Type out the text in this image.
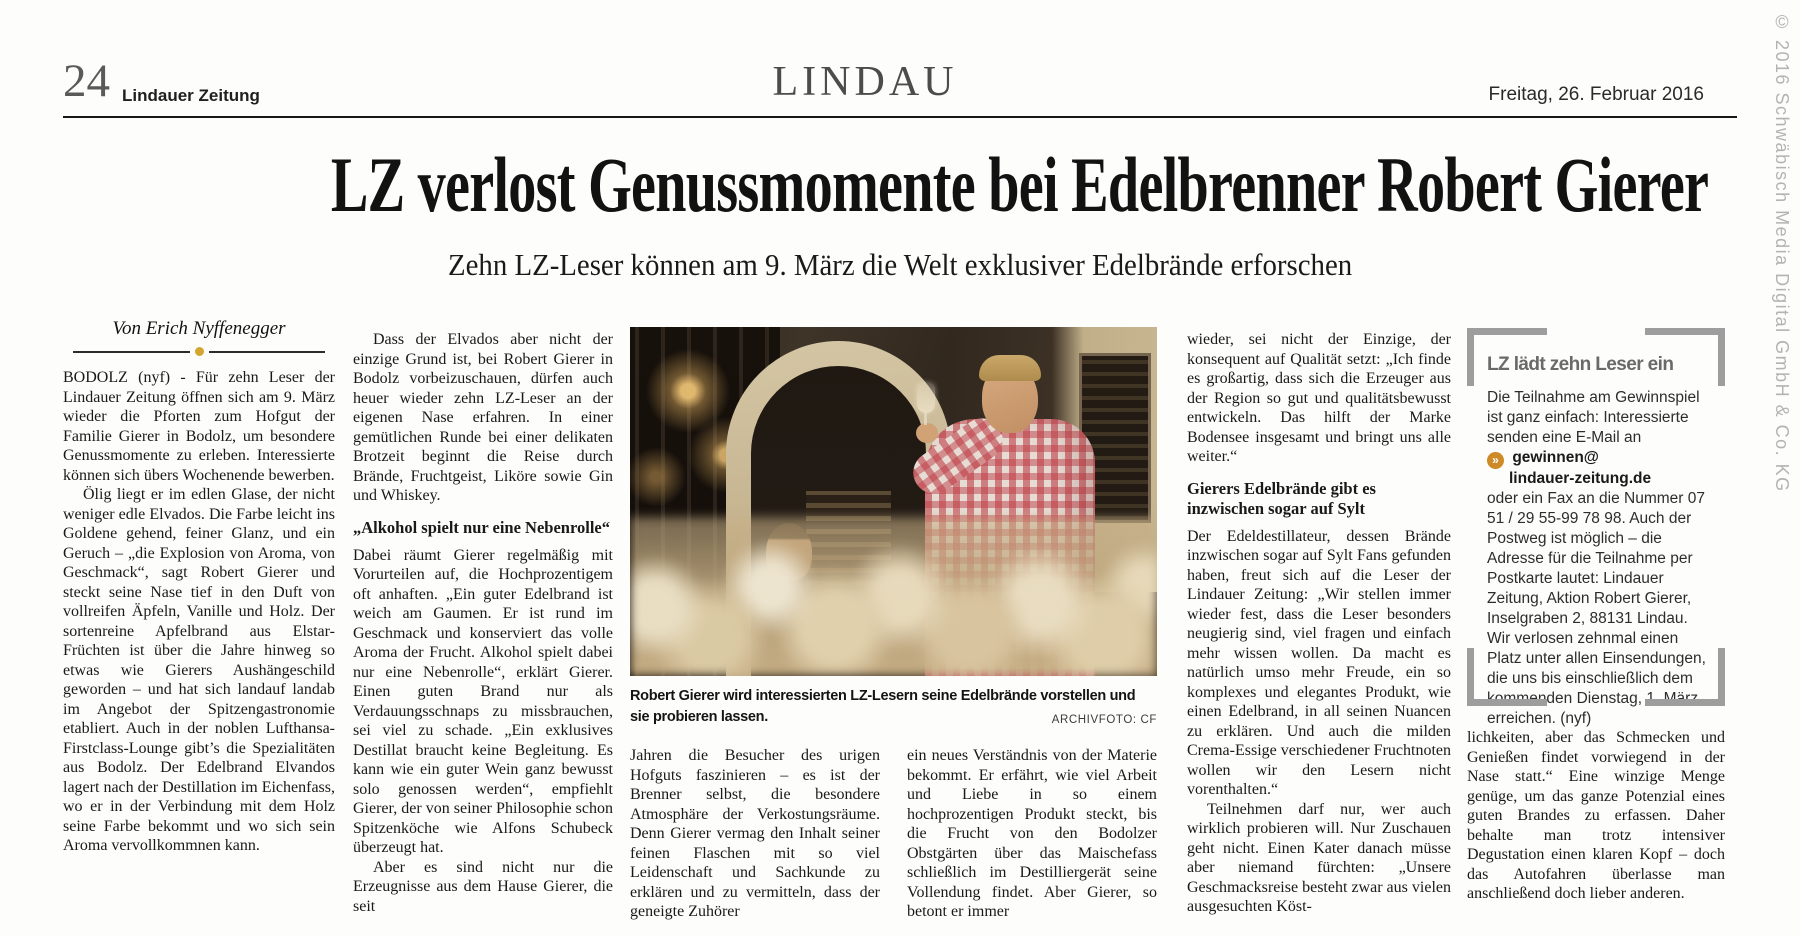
24 Lindauer Zeitung	LINDAU	Freitag, 26. Februar 2016
LZ verlost Genussmomente bei Edelbrenner Robert Gierer
Zehn LZ-Leser können am 9. März die Welt exklusiver Edelbrände erforschen
Von Erich Nyffenegger

BODOLZ (nyf) - Für zehn Leser der Lindauer Zeitung öffnen sich am 9. März wieder die Pforten zum Hofgut der Familie Gierer in Bodolz, um besondere Genussmomente zu erleben. Interessierte können sich übers Wochenende bewerben.

Ölig liegt er im edlen Glase, der nicht weniger edle Elvados. Die Farbe leicht ins Goldene gehend, feiner Glanz, und ein Geruch – „die Explosion von Aroma, von Geschmack“, sagt Robert Gierer und steckt seine Nase tief in den Duft von vollreifen Äpfeln, Vanille und Holz. Der sortenreine Apfelbrand aus Elstar-Früchten ist über die Jahre hinweg so etwas wie Gierers Aushängeschild geworden – und hat sich landauf landab im Angebot der Spitzengastronomie etabliert. Auch in der noblen Lufthansa-Firstclass-Lounge gibt’s die Spezialitäten aus Bodolz. Der Edelbrand Elvandos lagert nach der Destillation im Eichenfass, wo er in der Verbindung mit dem Holz seine Farbe bekommt und wo sich sein Aroma vervollkommnen kann.

Dass der Elvados aber nicht der einzige Grund ist, bei Robert Gierer in Bodolz vorbeizuschauen, dürfen auch heuer wieder zehn LZ-Leser an der eigenen Nase erfahren. In einer gemütlichen Runde bei einer delikaten Brotzeit beginnt die Reise durch Brände, Fruchtgeist, Liköre sowie Gin und Whiskey.

„Alkohol spielt nur eine Nebenrolle“

Dabei räumt Gierer regelmäßig mit Vorurteilen auf, die Hochprozentigem oft anhaften. „Ein guter Edelbrand ist weich am Gaumen. Er ist rund im Geschmack und konserviert das volle Aroma der Frucht. Alkohol spielt dabei nur eine Nebenrolle“, erklärt Gierer. Einen guten Brand nur als Verdauungsschnaps zu missbrauchen, sei viel zu schade. „Ein exklusives Destillat braucht keine Begleitung. Es kann wie ein guter Wein ganz bewusst solo genossen werden“, empfiehlt Gierer, der von seiner Philosophie schon Spitzenköche wie Alfons Schubeck überzeugt hat.

Aber es sind nicht nur die Erzeugnisse aus dem Hause Gierer, die seit

Robert Gierer wird interessierten LZ-Lesern seine Edelbrände vorstellen und sie probieren lassen.	ARCHIVFOTO: CF

Jahren die Besucher des urigen Hofguts faszinieren – es ist der Brenner selbst, die besondere Atmosphäre der Verkostungsräume. Denn Gierer vermag den Inhalt seiner feinen Flaschen mit so viel Leidenschaft und Sachkunde zu erklären und zu vermitteln, dass der geneigte Zuhörer

ein neues Verständnis von der Materie bekommt. Er erfährt, wie viel Arbeit und Liebe in so einem hochprozentigen Produkt steckt, bis die Frucht von den Bodolzer Obstgärten über das Maischefass schließlich im Destilliergerät seine Vollendung findet. Aber Gierer, so betont er immer

wieder, sei nicht der Einzige, der konsequent auf Qualität setzt: „Ich finde es großartig, dass sich die Erzeuger aus der Region so gut und qualitätsbewusst entwickeln. Das hilft der Marke Bodensee insgesamt und bringt uns alle weiter.“

Gierers Edelbrände gibt es inzwischen sogar auf Sylt

Der Edeldestillateur, dessen Brände inzwischen sogar auf Sylt Fans gefunden haben, freut sich auf die Leser der Lindauer Zeitung: „Wir stellen immer wieder fest, dass die Leser besonders neugierig sind, viel fragen und einfach mehr wissen wollen. Da macht es natürlich umso mehr Freude, ein so komplexes und elegantes Produkt, wie einen Edelbrand, in all seinen Nuancen zu erklären. Und auch die milden Crema-Essige verschiedener Fruchtnoten wollen wir den Lesern nicht vorenthalten.“

Teilnehmen darf nur, wer auch wirklich probieren will. Nur Zuschauen geht nicht. Einen Kater danach müsse aber niemand fürchten: „Unsere Geschmacksreise besteht zwar aus vielen ausgesuchten Köst-

LZ lädt zehn Leser ein
Die Teilnahme am Gewinnspiel ist ganz einfach: Interessierte senden eine E-Mail an
» gewinnen@
lindauer-zeitung.de
oder ein Fax an die Nummer 07 51 / 29 55-99 78 98. Auch der Postweg ist möglich – die Adresse für die Teilnahme per Postkarte lautet: Lindauer Zeitung, Aktion Robert Gierer, Inselgraben 2, 88131 Lindau. Wir verlosen zehnmal einen Platz unter allen Einsendungen, die uns bis einschließlich dem kommenden Dienstag, 1. März, erreichen. (nyf)

lichkeiten, aber das Schmecken und Genießen findet vorwiegend in der Nase statt.“ Eine winzige Menge genüge, um das ganze Potenzial eines guten Brandes zu erfassen. Daher behalte man trotz intensiver Degustation einen klaren Kopf – doch das Autofahren überlasse man anschließend doch lieber anderen.

© 2016 Schwäbisch Media Digital GmbH & Co. KG
